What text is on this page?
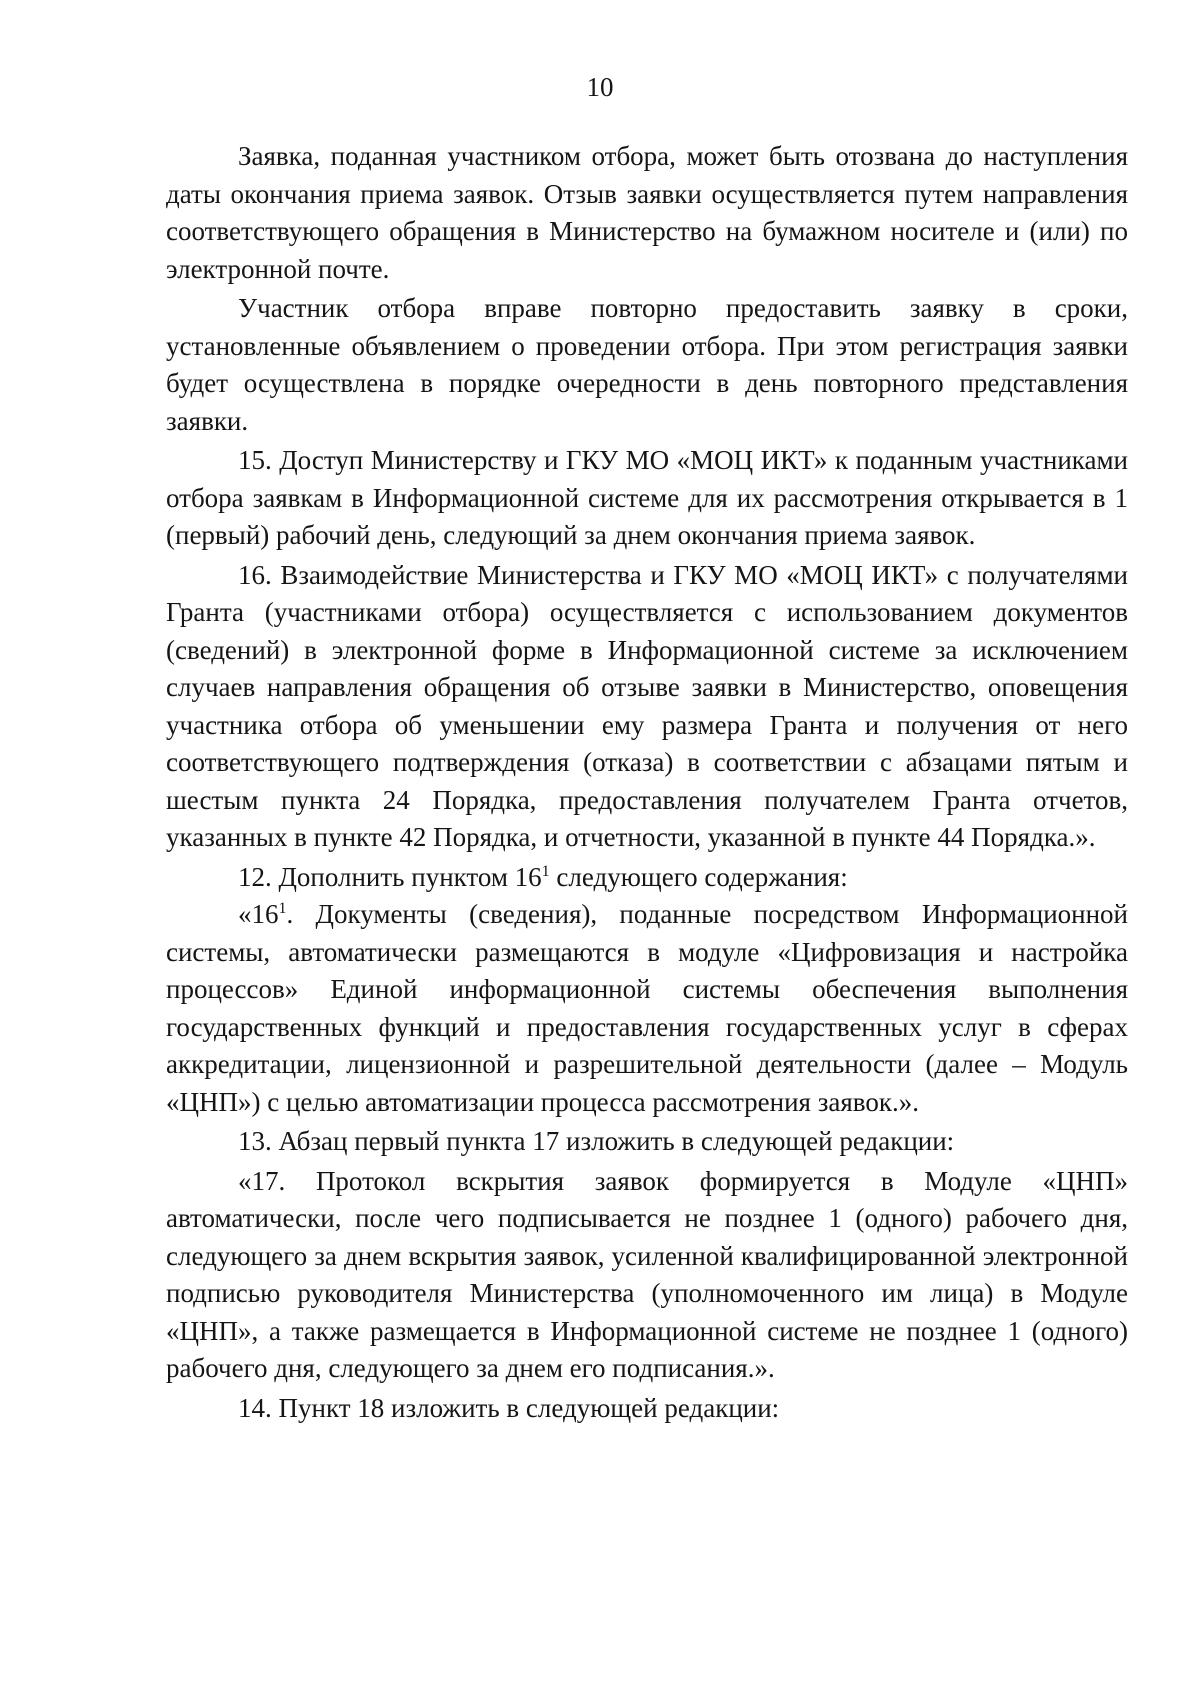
10

Заявка, поданная участником отбора, может быть отозвана до наступления даты окончания приема заявок. Отзыв заявки осуществляется путем направления соответствующего обращения в Министерство на бумажном носителе и (или) по электронной почте.

Участник отбора вправе повторно предоставить заявку в сроки, установленные объявлением о проведении отбора. При этом регистрация заявки будет осуществлена в порядке очередности в день повторного представления заявки.

15. Доступ Министерству и ГКУ МО «МОЦ ИКТ» к поданным участниками отбора заявкам в Информационной системе для их рассмотрения открывается в 1 (первый) рабочий день, следующий за днем окончания приема заявок.

16. Взаимодействие Министерства и ГКУ МО «МОЦ ИКТ» с получателями Гранта (участниками отбора) осуществляется с использованием документов (сведений) в электронной форме в Информационной системе за исключением случаев направления обращения об отзыве заявки в Министерство, оповещения участника отбора об уменьшении ему размера Гранта и получения от него соответствующего подтверждения (отказа) в соответствии с абзацами пятым и шестым пункта 24 Порядка, предоставления получателем Гранта отчетов, указанных в пункте 42 Порядка, и отчетности, указанной в пункте 44 Порядка.».

12. Дополнить пунктом $16^1$ следующего содержания:

«$16^1$. Документы (сведения), поданные посредством Информационной системы, автоматически размещаются в модуле «Цифровизация и настройка процессов» Единой информационной системы обеспечения выполнения государственных функций и предоставления государственных услуг в сферах аккредитации, лицензионной и разрешительной деятельности (далее – Модуль «ЦНП») с целью автоматизации процесса рассмотрения заявок.».

13. Абзац первый пункта 17 изложить в следующей редакции:

«17. Протокол вскрытия заявок формируется в Модуле «ЦНП» автоматически, после чего подписывается не позднее 1 (одного) рабочего дня, следующего за днем вскрытия заявок, усиленной квалифицированной электронной подписью руководителя Министерства (уполномоченного им лица) в Модуле «ЦНП», а также размещается в Информационной системе не позднее 1 (одного) рабочего дня, следующего за днем его подписания.».

14. Пункт 18 изложить в следующей редакции:
